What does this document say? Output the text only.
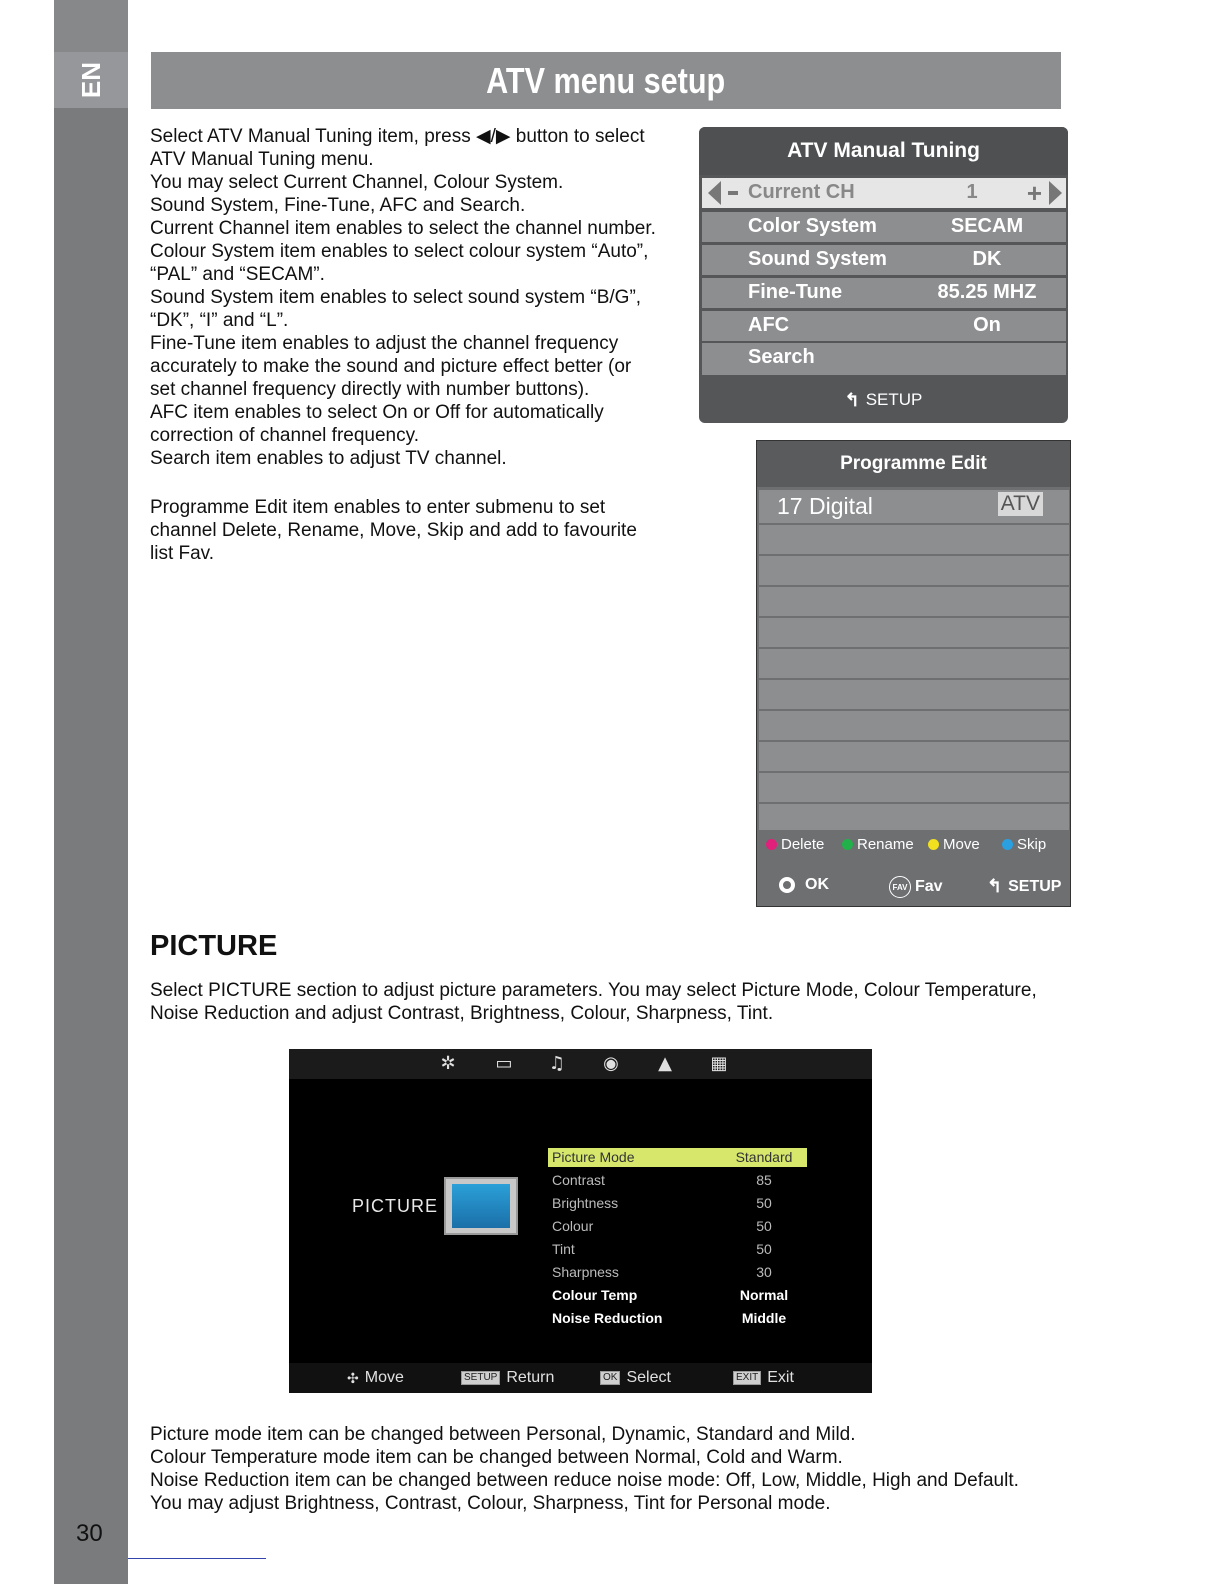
EN
30
ATV menu setup
Select ATV Manual Tuning item, press ◀/▶ button to select
ATV Manual Tuning menu.
You may select Current Channel, Colour System.
Sound System, Fine-Tune, AFC and Search.
Current Channel item enables to select the channel number.
Colour System item enables to select colour system “Auto”,
“PAL” and “SECAM”.
Sound System item enables to select sound system “B/G”,
“DK”, “I” and “L”.
Fine-Tune item enables to adjust the channel frequency
accurately to make the sound and picture effect better (or
set channel frequency directly with number buttons).
AFC item enables to select On or Off for automatically
correction of channel frequency.
Search item enables to adjust TV channel.
Programme Edit item enables to enter submenu to set
channel Delete, Rename, Move, Skip and add to favourite
list Fav.
ATV Manual Tuning
Current CH	1	+
Color System	SECAM
Sound System	DK
Fine-Tune	85.25 MHZ
AFC	On
Search
↰ SETUP
Programme Edit
17 Digital	ATV
Delete Rename Move Skip
OK	FAV Fav ↰ SETUP
PICTURE
Select PICTURE section to adjust picture parameters. You may select Picture Mode, Colour Temperature,
Noise Reduction and adjust Contrast, Brightness, Colour, Sharpness, Tint.
✲ ▭ ♫ ◉ ▲ ▦
PICTURE
Picture Mode	Standard
Contrast	85
Brightness	50
Colour	50
Tint	50
Sharpness	30
Colour Temp	Normal
Noise Reduction	Middle
✣ Move	SETUP Return	OK Select	EXIT Exit
Picture mode item can be changed between Personal, Dynamic, Standard and Mild.
Colour Temperature mode item can be changed between Normal, Cold and Warm.
Noise Reduction item can be changed between reduce noise mode: Off, Low, Middle, High and Default.
You may adjust Brightness, Contrast, Colour, Sharpness, Tint for Personal mode.
